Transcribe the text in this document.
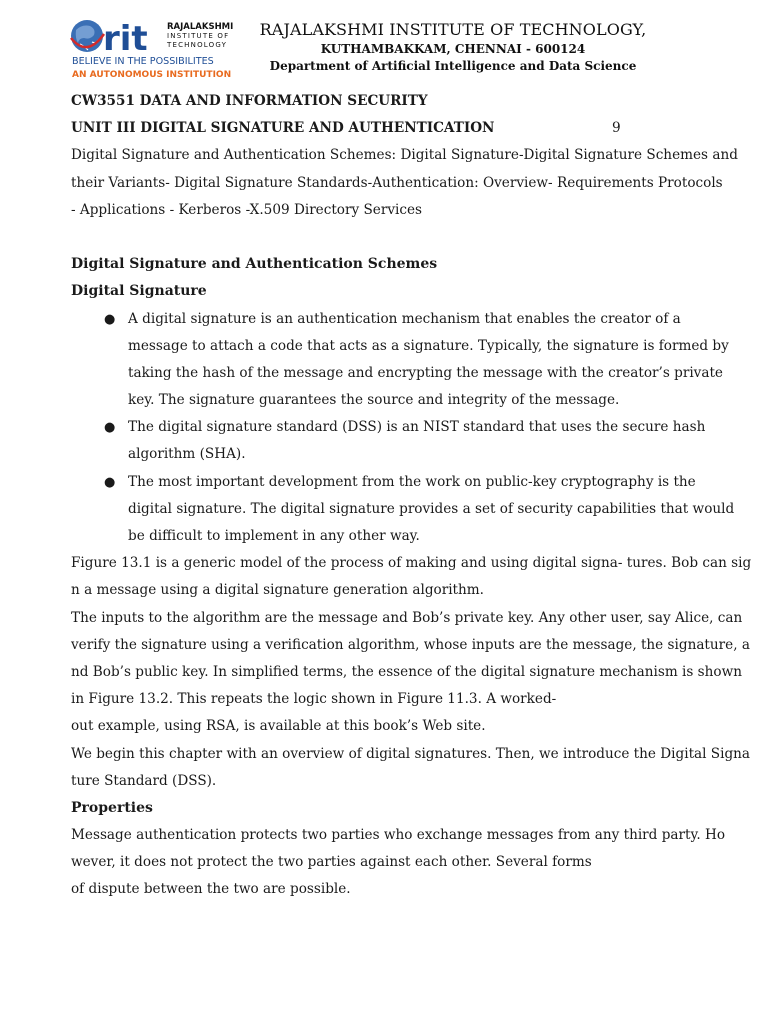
rit RAJALAKSHMI
INSTITUTE OF
TECHNOLOGY
BELIEVE IN THE POSSIBILITES
AN AUTONOMOUS INSTITUTION
RAJALAKSHMI INSTITUTE OF TECHNOLOGY,
KUTHAMBAKKAM, CHENNAI - 600124
Department of Artificial Intelligence and Data Science
CW3551 DATA AND INFORMATION SECURITY
UNIT III DIGITAL SIGNATURE AND AUTHENTICATION	9
Digital Signature and Authentication Schemes: Digital Signature-Digital Signature Schemes and
their Variants- Digital Signature Standards-Authentication: Overview- Requirements Protocols
- Applications - Kerberos -X.509 Directory Services
Digital Signature and Authentication Schemes
Digital Signature
● A digital signature is an authentication mechanism that enables the creator of a
message to attach a code that acts as a signature. Typically, the signature is formed by
taking the hash of the message and encrypting the message with the creator’s private
key. The signature guarantees the source and integrity of the message.
● The digital signature standard (DSS) is an NIST standard that uses the secure hash
algorithm (SHA).
● The most important development from the work on public-key cryptography is the
digital signature. The digital signature provides a set of security capabilities that would
be difficult to implement in any other way.
Figure 13.1 is a generic model of the process of making and using digital signa- tures. Bob can sig
n a message using a digital signature generation algorithm.
The inputs to the algorithm are the message and Bob’s private key. Any other user, say Alice, can
verify the signature using a verification algorithm, whose inputs are the message, the signature, a
nd Bob’s public key. In simplified terms, the essence of the digital signature mechanism is shown
in Figure 13.2. This repeats the logic shown in Figure 11.3. A worked-
out example, using RSA, is available at this book’s Web site.
We begin this chapter with an overview of digital signatures. Then, we introduce the Digital Signa
ture Standard (DSS).
Properties
Message authentication protects two parties who exchange messages from any third party. Ho
wever, it does not protect the two parties against each other. Several forms
of dispute between the two are possible.
